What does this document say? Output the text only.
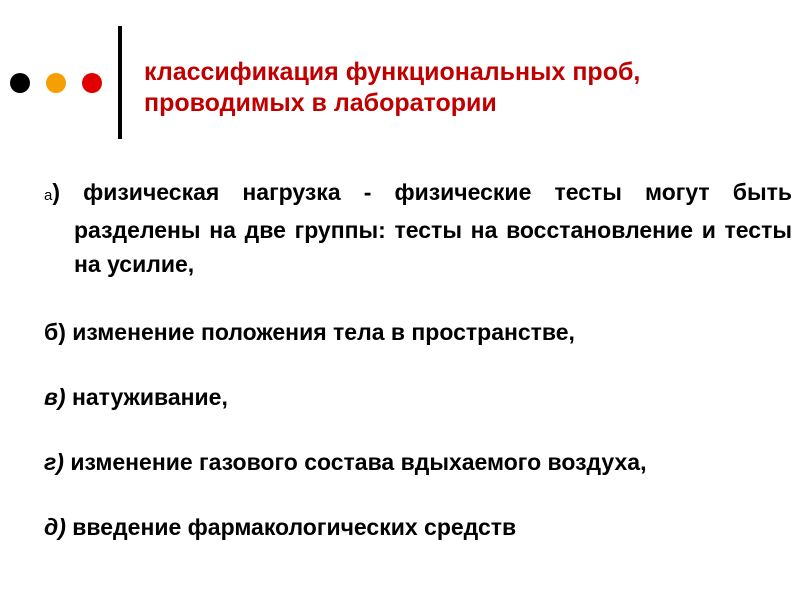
классификация функциональных проб,
проводимых в лаборатории

а) физическая нагрузка - физические тесты могут быть разделены на две группы: тесты на восстановление и тесты на усилие,

б) изменение положения тела в пространстве,

в) натуживание,

г) изменение газового состава вдыхаемого воздуха,

д) введение фармакологических средств
